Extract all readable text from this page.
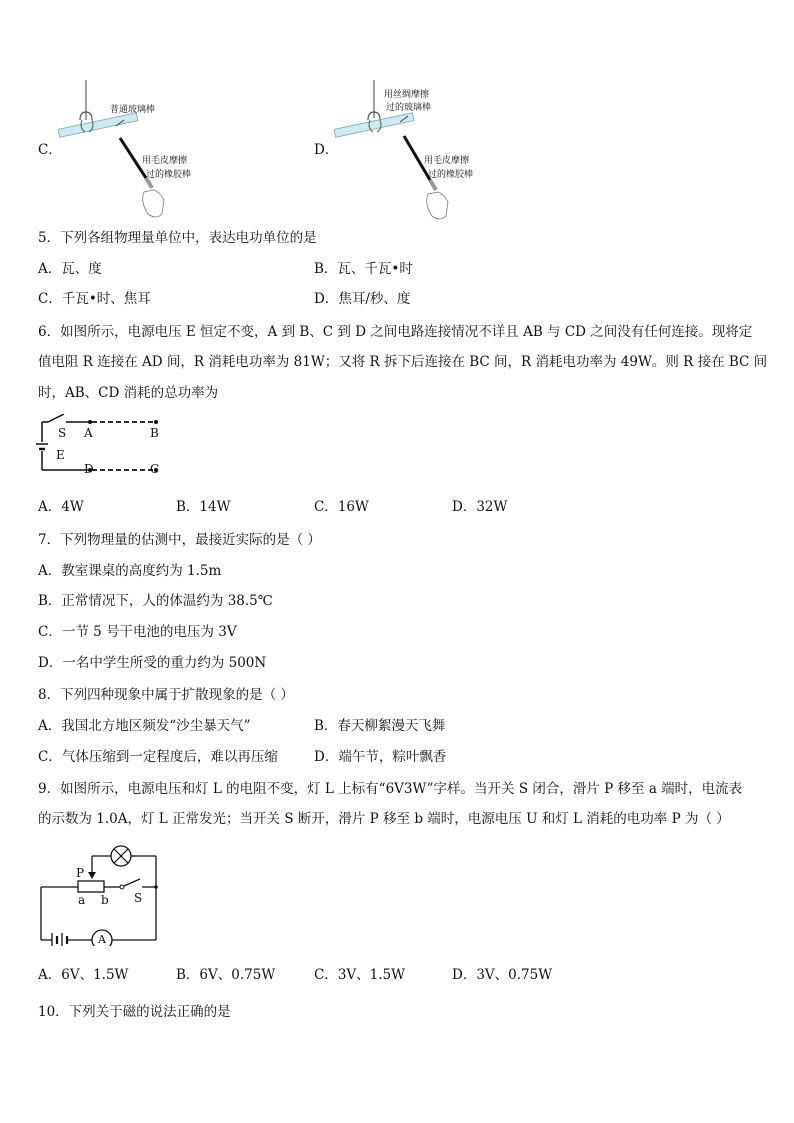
C．
普通玻璃棒
用毛皮摩擦
过的橡胶棒
D．
用丝绸摩擦
过的玻璃棒
用毛皮摩擦
过的橡胶棒
5．下列各组物理量单位中，表达电功单位的是
A．瓦、度	B．瓦、千瓦•时
C．千瓦•时、焦耳	D．焦耳/秒、度
6．如图所示，电源电压 E 恒定不变，A 到 B、C 到 D 之间电路连接情况不详且 AB 与 CD 之间没有任何连接。现将定
值电阻 R 连接在 AD 间，R 消耗电功率为 81W；又将 R 拆下后连接在 BC 间，R 消耗电功率为 49W。则 R 接在 BC 间
时，AB、CD 消耗的总功率为
S A	B
E
D	C
A．4W	B．14W	C．16W	D．32W
7．下列物理量的估测中，最接近实际的是（ ）
A．教室课桌的高度约为 1.5m
B．正常情况下，人的体温约为 38.5℃
C．一节 5 号干电池的电压为 3V
D．一名中学生所受的重力约为 500N
8．下列四种现象中属于扩散现象的是（ ）
A．我国北方地区频发“沙尘暴天气”	B．春天柳絮漫天飞舞
C．气体压缩到一定程度后，难以再压缩	D．端午节，粽叶飘香
9．如图所示，电源电压和灯 L 的电阻不变，灯 L 上标有“6V3W”字样。当开关 S 闭合，滑片 P 移至 a 端时，电流表
的示数为 1.0A，灯 L 正常发光；当开关 S 断开，滑片 P 移至 b 端时，电源电压 U 和灯 L 消耗的电功率 P 为（ ）
P
a b S
A
A．6V、1.5W	B．6V、0.75W	C．3V、1.5W	D．3V、0.75W
10．下列关于磁的说法正确的是
